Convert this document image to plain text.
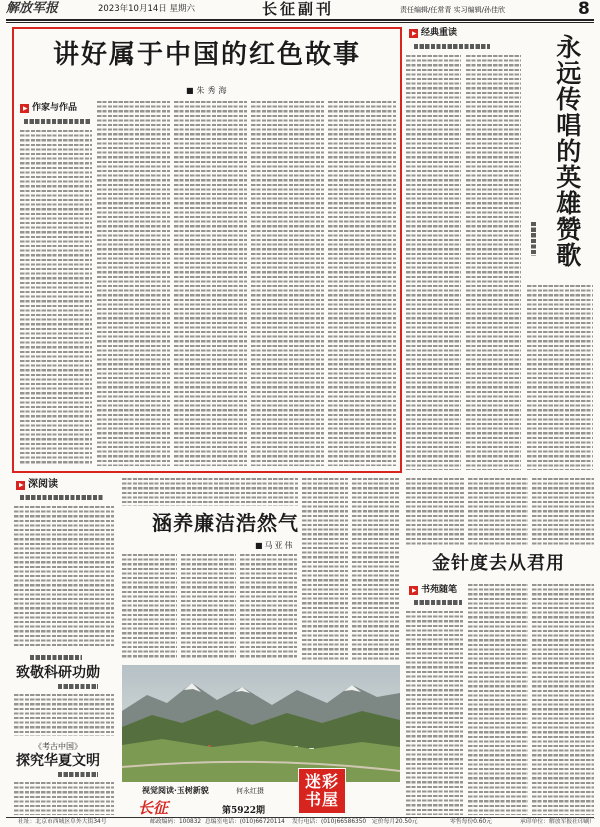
解放军报	2023年10月14日 星期六	长征副刊	责任编辑/任常青 实习编辑/孙佳欣	8
讲好属于中国的红色故事
■朱秀海
作家与作品
经典重读
永远传唱的英雄赞歌
深阅读
致敬科研功勋
《考古中国》
探究华夏文明
涵养廉洁浩然气
■马亚伟
视觉阅读·玉树新貌	何永红摄	迷彩
书屋
长征	第5922期
金针度去从君用
书苑随笔
社址：北京市西城区阜外大街34号	邮政编码：100832 总编室电话：(010)66720114 发行电话：(010)66586350 定价每月20.50元	零售每份0.60元	承印单位：解放军报社印刷厂
